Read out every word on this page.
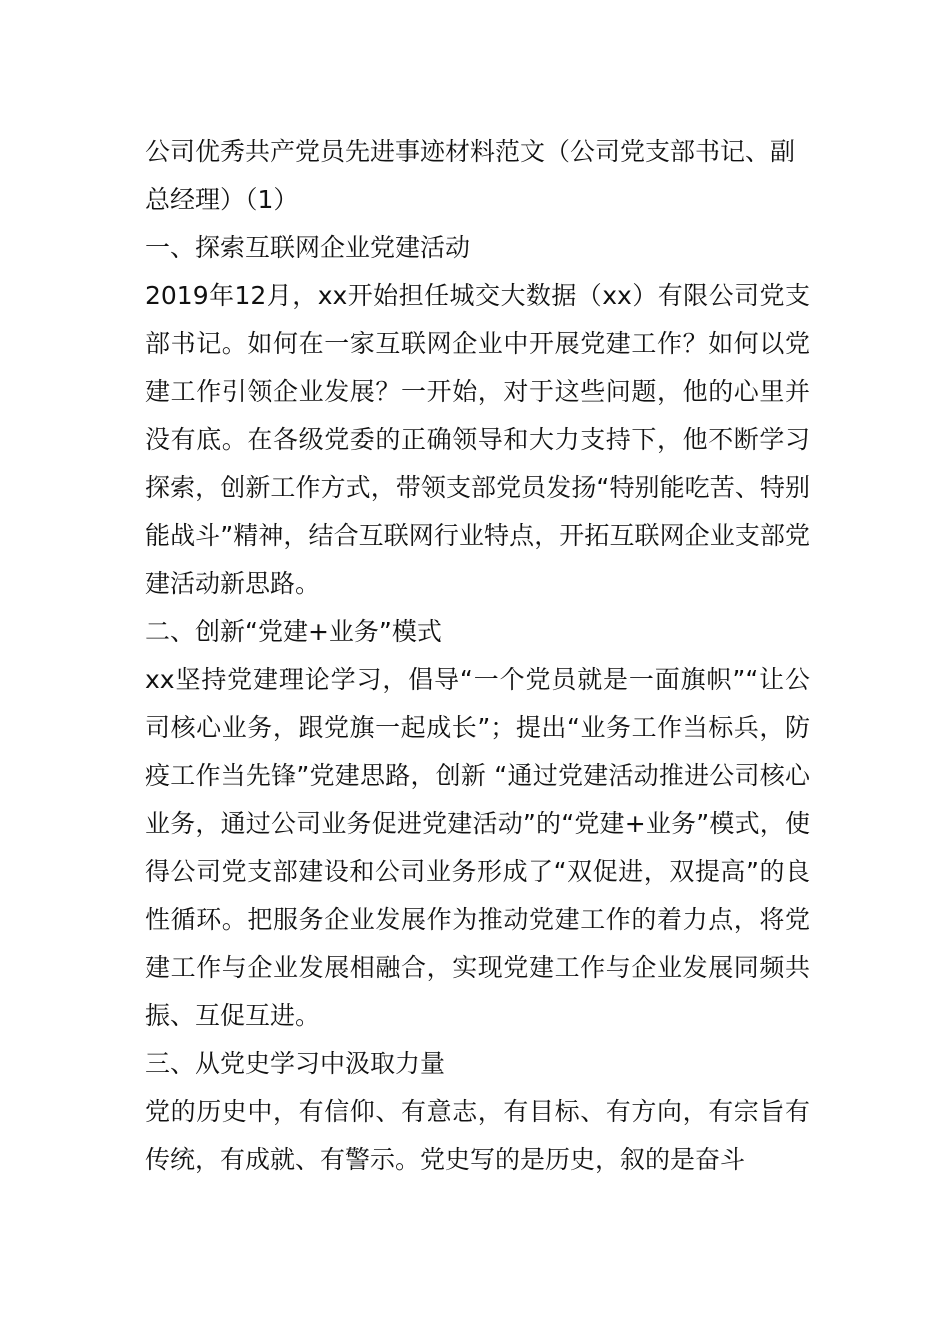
公司优秀共产党员先进事迹材料范文（公司党支部书记、副总经理）（1）

一、探索互联网企业党建活动

2019年12月，xx开始担任城交大数据（xx）有限公司党支部书记。如何在一家互联网企业中开展党建工作？如何以党建工作引领企业发展？一开始，对于这些问题，他的心里并没有底。在各级党委的正确领导和大力支持下，他不断学习探索，创新工作方式，带领支部党员发扬“特别能吃苦、特别能战斗”精神，结合互联网行业特点，开拓互联网企业支部党建活动新思路。

二、创新“党建+业务”模式

xx坚持党建理论学习，倡导“一个党员就是一面旗帜”“让公司核心业务，跟党旗一起成长”；提出“业务工作当标兵，防疫工作当先锋”党建思路，创新 “通过党建活动推进公司核心业务，通过公司业务促进党建活动”的“党建+业务”模式，使得公司党支部建设和公司业务形成了“双促进，双提高”的良性循环。把服务企业发展作为推动党建工作的着力点，将党建工作与企业发展相融合，实现党建工作与企业发展同频共振、互促互进。

三、从党史学习中汲取力量

党的历史中，有信仰、有意志，有目标、有方向，有宗旨有传统，有成就、有警示。党史写的是历史，叙的是奋斗
